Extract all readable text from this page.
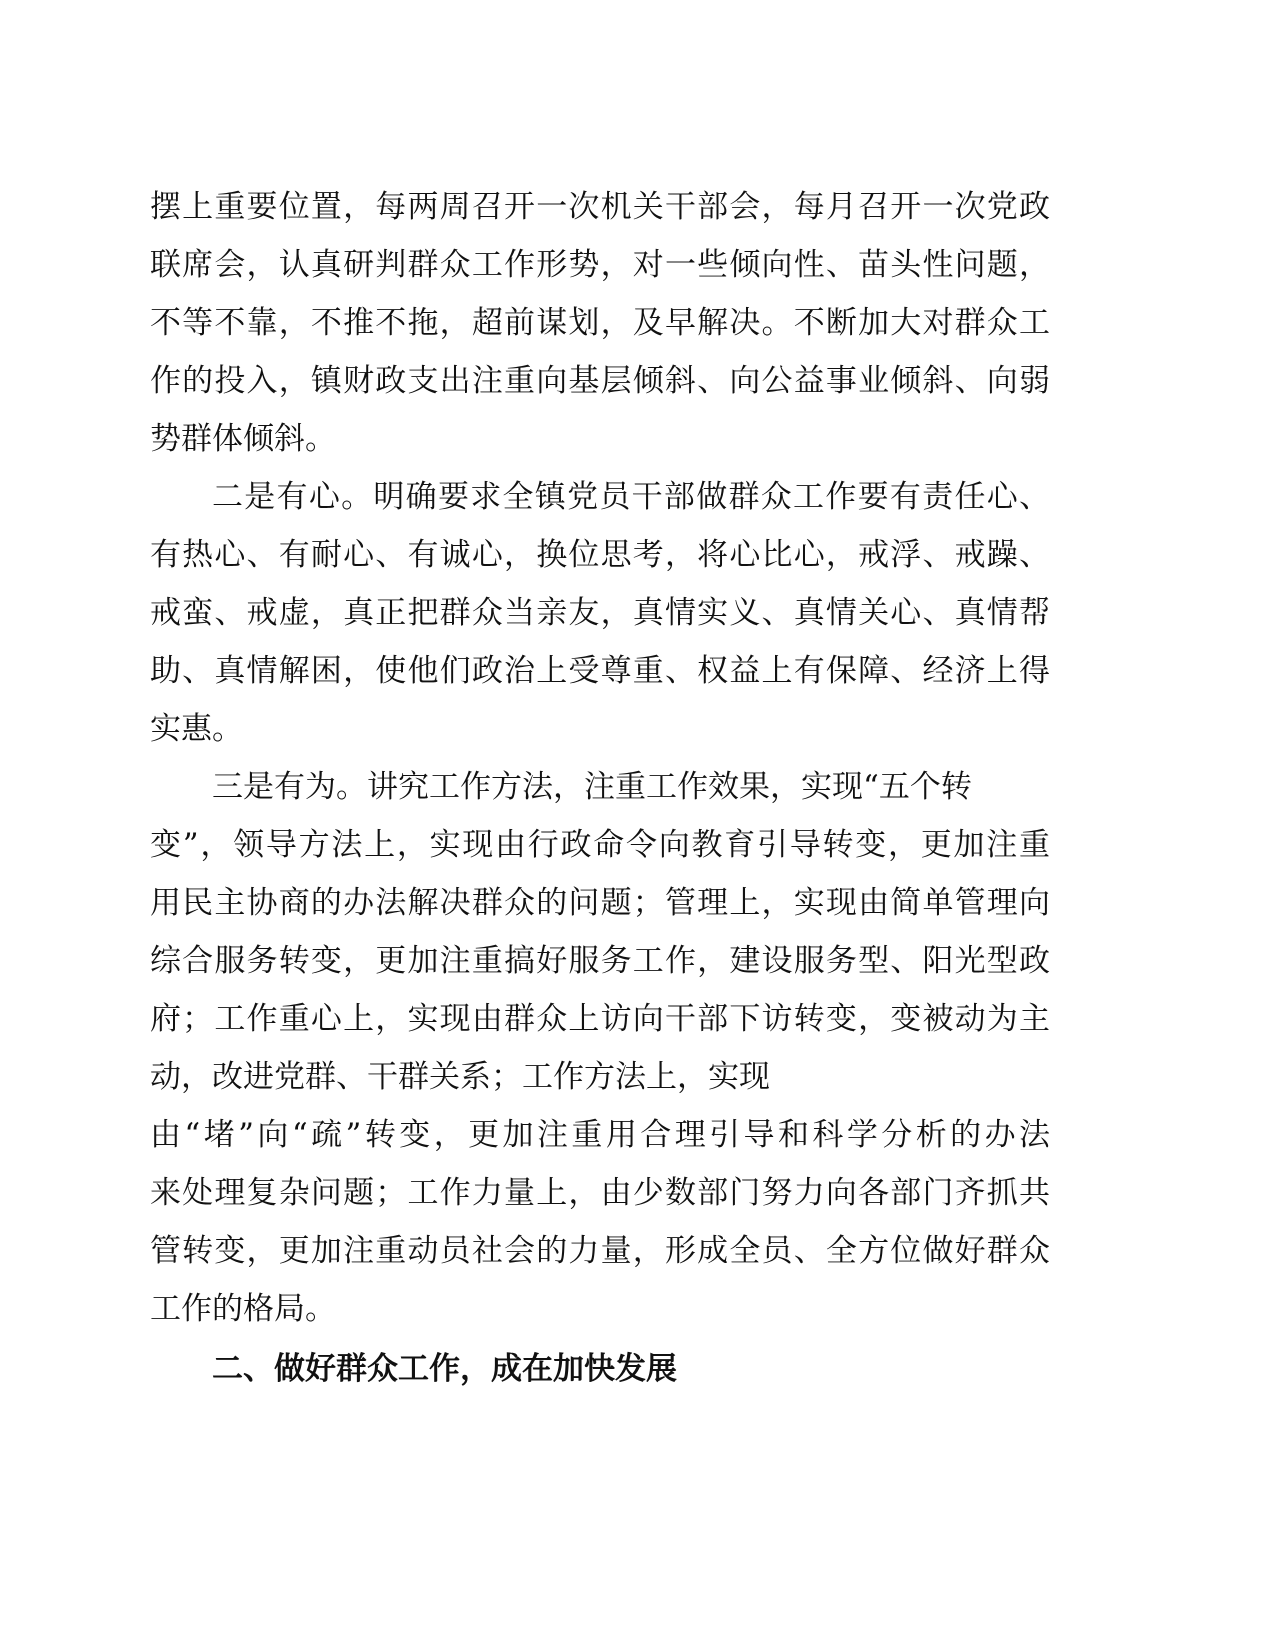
摆上重要位置，每两周召开一次机关干部会，每月召开一次党政
联席会，认真研判群众工作形势，对一些倾向性、苗头性问题，
不等不靠，不推不拖，超前谋划，及早解决。不断加大对群众工
作的投入，镇财政支出注重向基层倾斜、向公益事业倾斜、向弱
势群体倾斜。
二是有心。明确要求全镇党员干部做群众工作要有责任心、
有热心、有耐心、有诚心，换位思考，将心比心，戒浮、戒躁、
戒蛮、戒虚，真正把群众当亲友，真情实义、真情关心、真情帮
助、真情解困，使他们政治上受尊重、权益上有保障、经济上得
实惠。
三是有为。讲究工作方法，注重工作效果，实现“五个转
变”，领导方法上，实现由行政命令向教育引导转变，更加注重
用民主协商的办法解决群众的问题；管理上，实现由简单管理向
综合服务转变，更加注重搞好服务工作，建设服务型、阳光型政
府；工作重心上，实现由群众上访向干部下访转变，变被动为主
动，改进党群、干群关系；工作方法上，实现
由“堵”向“疏”转变，更加注重用合理引导和科学分析的办法
来处理复杂问题；工作力量上，由少数部门努力向各部门齐抓共
管转变，更加注重动员社会的力量，形成全员、全方位做好群众
工作的格局。
二、做好群众工作，成在加快发展
